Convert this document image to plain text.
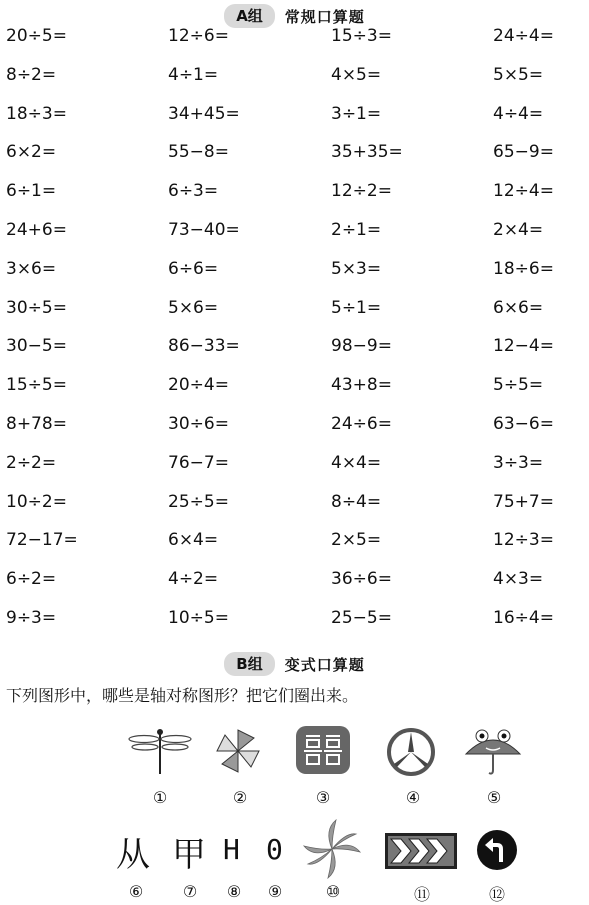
A组	常规口算题
20÷5=	12÷6=	15÷3=	24÷4=
8÷2=	4÷1=	4×5=	5×5=
18÷3=	34+45=	3÷1=	4÷4=
6×2=	55−8=	35+35=	65−9=
6÷1=	6÷3=	12÷2=	12÷4=
24+6=	73−40=	2÷1=	2×4=
3×6=	6÷6=	5×3=	18÷6=
30÷5=	5×6=	5÷1=	6×6=
30−5=	86−33=	98−9=	12−4=
15÷5=	20÷4=	43+8=	5÷5=
8+78=	30÷6=	24÷6=	63−6=
2÷2=	76−7=	4×4=	3÷3=
10÷2=	25÷5=	8÷4=	75+7=
72−17=	6×4=	2×5=	12÷3=
6÷2=	4÷2=	36÷6=	4×3=
9÷3=	10÷5=	25−5=	16÷4=
B组	变式口算题
下列图形中，哪些是轴对称图形？把它们圈出来。
①	②	③	④	⑤
从 甲 H 0
⑥	⑦	⑧	⑨	⑩	⑪	⑫
